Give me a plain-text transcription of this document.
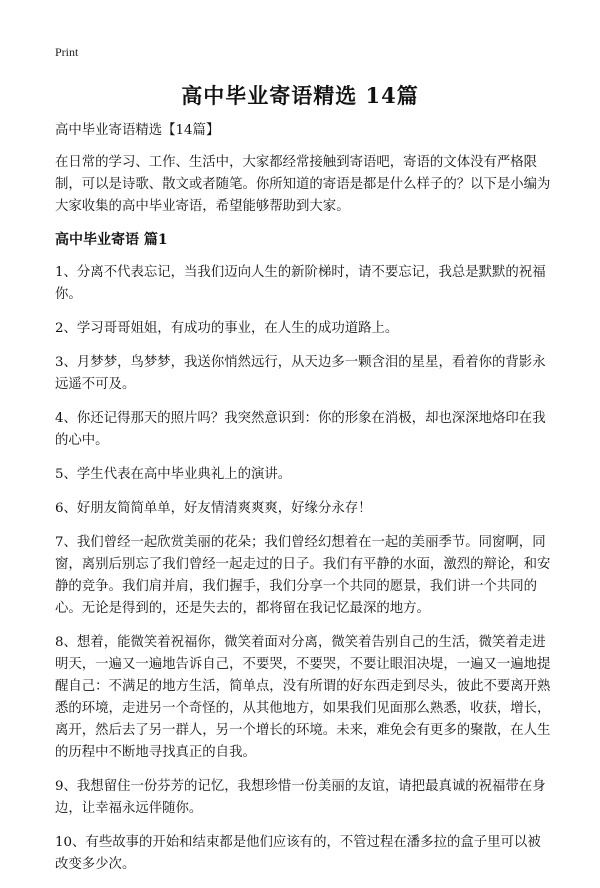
Print
高中毕业寄语精选 14篇

高中毕业寄语精选【14篇】

在日常的学习、工作、生活中，大家都经常接触到寄语吧，寄语的文体没有严格限制，可以是诗歌、散文或者随笔。你所知道的寄语是都是什么样子的？以下是小编为大家收集的高中毕业寄语，希望能够帮助到大家。

高中毕业寄语 篇1

1、分离不代表忘记，当我们迈向人生的新阶梯时，请不要忘记，我总是默默的祝福你。

2、学习哥哥姐姐，有成功的事业，在人生的成功道路上。

3、月梦梦，鸟梦梦，我送你悄然远行，从天边多一颗含泪的星星，看着你的背影永远遥不可及。

4、你还记得那天的照片吗？我突然意识到：你的形象在消极，却也深深地烙印在我的心中。

5、学生代表在高中毕业典礼上的演讲。

6、好朋友简简单单，好友情清爽爽爽，好缘分永存！

7、我们曾经一起欣赏美丽的花朵；我们曾经幻想着在一起的美丽季节。同窗啊，同窗，离别后别忘了我们曾经一起走过的日子。我们有平静的水面，激烈的辩论，和安静的竞争。我们肩并肩，我们握手，我们分享一个共同的愿景，我们讲一个共同的心。无论是得到的，还是失去的，都将留在我记忆最深的地方。

8、想着，能微笑着祝福你，微笑着面对分离，微笑着告别自己的生活，微笑着走进明天，一遍又一遍地告诉自己，不要哭，不要哭，不要让眼泪决堤，一遍又一遍地提醒自己：不满足的地方生活，简单点，没有所谓的好东西走到尽头，彼此不要离开熟悉的环境，走进另一个奇怪的，从其他地方，如果我们见面那么熟悉，收获，增长，离开，然后去了另一群人，另一个增长的环境。未来，难免会有更多的聚散，在人生的历程中不断地寻找真正的自我。

9、我想留住一份芬芳的记忆，我想珍惜一份美丽的友谊，请把最真诚的祝福带在身边，让幸福永远伴随你。

10、有些故事的开始和结束都是他们应该有的，不管过程在潘多拉的盒子里可以被改变多少次。
